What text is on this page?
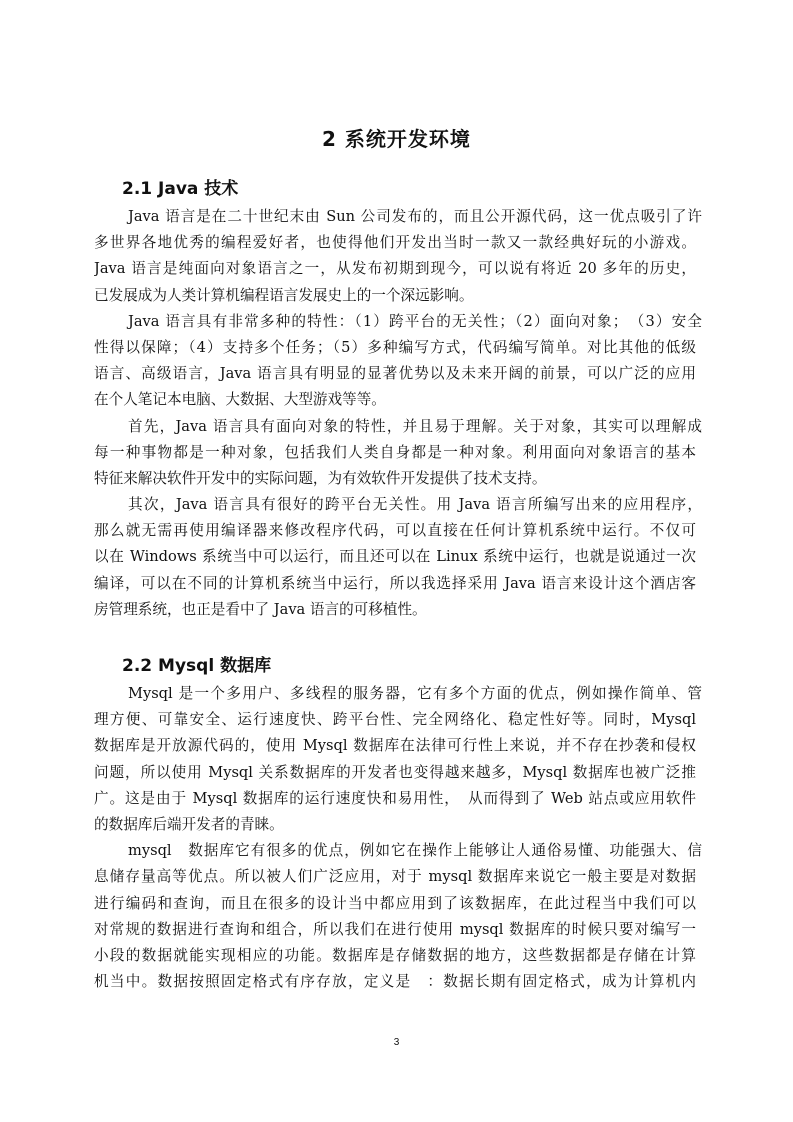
2 系统开发环境
2.1 Java 技术
Java 语言是在二十世纪末由 Sun 公司发布的，而且公开源代码，这一优点吸引了许
多世界各地优秀的编程爱好者，也使得他们开发出当时一款又一款经典好玩的小游戏。
Java 语言是纯面向对象语言之一，从发布初期到现今，可以说有将近 20 多年的历史，
已发展成为人类计算机编程语言发展史上的一个深远影响。
Java 语言具有非常多种的特性：（1）跨平台的无关性；（2）面向对象；　（3）安全
性得以保障；（4）支持多个任务；（5）多种编写方式，代码编写简单。对比其他的低级
语言、高级语言，Java 语言具有明显的显著优势以及未来开阔的前景，可以广泛的应用
在个人笔记本电脑、大数据、大型游戏等等。
首先，Java 语言具有面向对象的特性，并且易于理解。关于对象，其实可以理解成
每一种事物都是一种对象，包括我们人类自身都是一种对象。利用面向对象语言的基本
特征来解决软件开发中的实际问题，为有效软件开发提供了技术支持。
其次，Java 语言具有很好的跨平台无关性。用 Java 语言所编写出来的应用程序，
那么就无需再使用编译器来修改程序代码，可以直接在任何计算机系统中运行。不仅可
以在 Windows 系统当中可以运行，而且还可以在 Linux 系统中运行，也就是说通过一次
编译，可以在不同的计算机系统当中运行，所以我选择采用 Java 语言来设计这个酒店客
房管理系统，也正是看中了 Java 语言的可移植性。
2.2 Mysql 数据库
Mysql 是一个多用户、多线程的服务器，它有多个方面的优点，例如操作简单、管
理方便、可靠安全、运行速度快、跨平台性、完全网络化、稳定性好等。同时，Mysql
数据库是开放源代码的，使用 Mysql 数据库在法律可行性上来说，并不存在抄袭和侵权
问题，所以使用 Mysql 关系数据库的开发者也变得越来越多，Mysql 数据库也被广泛推
广。这是由于 Mysql 数据库的运行速度快和易用性，　从而得到了 Web 站点或应用软件
的数据库后端开发者的青睐。
mysql　数据库它有很多的优点，例如它在操作上能够让人通俗易懂、功能强大、信
息储存量高等优点。所以被人们广泛应用，对于 mysql 数据库来说它一般主要是对数据
进行编码和查询，而且在很多的设计当中都应用到了该数据库，在此过程当中我们可以
对常规的数据进行查询和组合，所以我们在进行使用 mysql 数据库的时候只要对编写一
小段的数据就能实现相应的功能。数据库是存储数据的地方，这些数据都是存储在计算
机当中。数据按照固定格式有序存放，定义是　：数据长期有固定格式，成为计算机内
3
